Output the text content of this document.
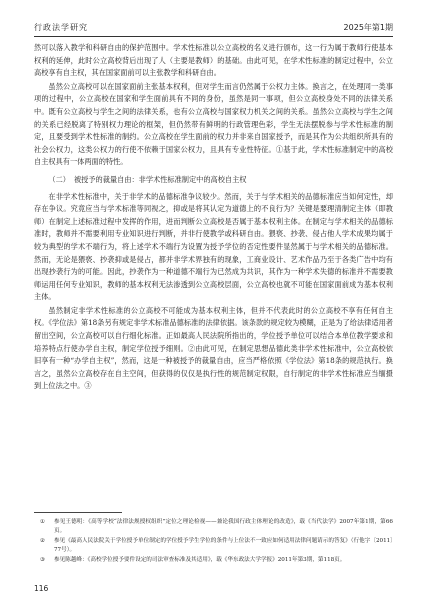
行政法学研究	2025年第1期

然可以落入教学和科研自由的保护范围中。学术性标准以公立高校的名义进行颁布，这一行为属于教师行使基本权利的延伸，此时公立高校背后出现了人（主要是教师）的基础。由此可见，在学术性标准的制定过程中，公立高校享有自主权，其在国家面前可以主张教学和科研自由。

虽然公立高校可以在国家面前主张基本权利，但对学生而言仍然属于公权力主体。换言之，在处理同一类事项的过程中，公立高校在国家和学生面前具有不同的身份，虽然是同一事项，但公立高校身处不同的法律关系中。既有公立高校与学生之间的法律关系，也有公立高校与国家权力机关之间的关系。虽然公立高校与学生之间的关系已经脱离了特别权力理论的框架，但仍然带有鲜明的行政管理色彩，学生无法摆脱参与学术性标准的制定，且要受到学术性标准的制约。公立高校在学生面前的权力并非来自国家授予，而是其作为公共组织所具有的社会公权力，这类公权力的行使不依赖于国家公权力，且具有专业性特征。①基于此，学术性标准制定中的高校自主权具有一体两面的特性。

（二） 被授予的裁量自由：非学术性标准制定中的高校自主权

在非学术性标准中，关于非学术的品德标准争议较少。然而，关于与学术相关的品德标准应当如何定性，却存在争议。究竟应当与学术标准等同视之，抑或是将其认定为道德上的不良行为？关键是要理清制定主体（即教师）在制定上述标准过程中发挥的作用，进而判断公立高校是否属于基本权利主体。在制定与学术相关的品德标准时，教师并不需要利用专业知识进行判断，并非行使教学或科研自由。猥亵、抄袭、侵占他人学术成果均属于较为典型的学术不端行为，将上述学术不端行为设置为授予学位的否定性要件显然属于与学术相关的品德标准。然而，无论是猥亵、抄袭抑或是侵占，都并非学术界独有的现象，工商业设计、艺术作品乃至于各类广告中均有出现抄袭行为的可能。因此，抄袭作为一种道德不端行为已然成为共识，其作为一种学术失德的标准并不需要教师运用任何专业知识，教师的基本权利无法渗透到公立高校层面，公立高校也就不可能在国家面前成为基本权利主体。

虽然制定非学术性标准的公立高校不可能成为基本权利主体，但并不代表此时的公立高校不享有任何自主权。《学位法》第18条另有规定非学术标准品德标准的法律依据。该条款的规定较为模糊，正是为了给法律适用者留出空间，公立高校可以自行细化标准。正如最高人民法院所指出的，学位授予单位可以结合本单位教学要求和培养特点行使办学自主权，制定学位授予细则。②由此可见，在制定思想品德此类非学术性标准中，公立高校依旧享有一种“办学自主权”，然而，这是一种被授予的裁量自由，应当严格依照《学位法》第18条的规范执行。换言之，虽然公立高校存在自主空间，但获得的仅仅是执行性的规范制定权限，自行制定的非学术性标准应当缅摄到上位法之中。③

① 参见王德明：《高等学校“法律法规授权组织”定位之理论检视——兼论我国行政主体理论的改造》，载《当代法学》2007年第1期，第66页。
② 参见《最高人民法院关于学位授予单位制定的学位授予学生学位的条件与上位法不一致应如何适用法律问题请示的答复》（行他字〔2011〕77号）。
③ 参见陈越峰：《高校学位授予要件设定的司法审查标准及其适用》，载《华东政法大学学报》2011年第3期，第118页。
116
